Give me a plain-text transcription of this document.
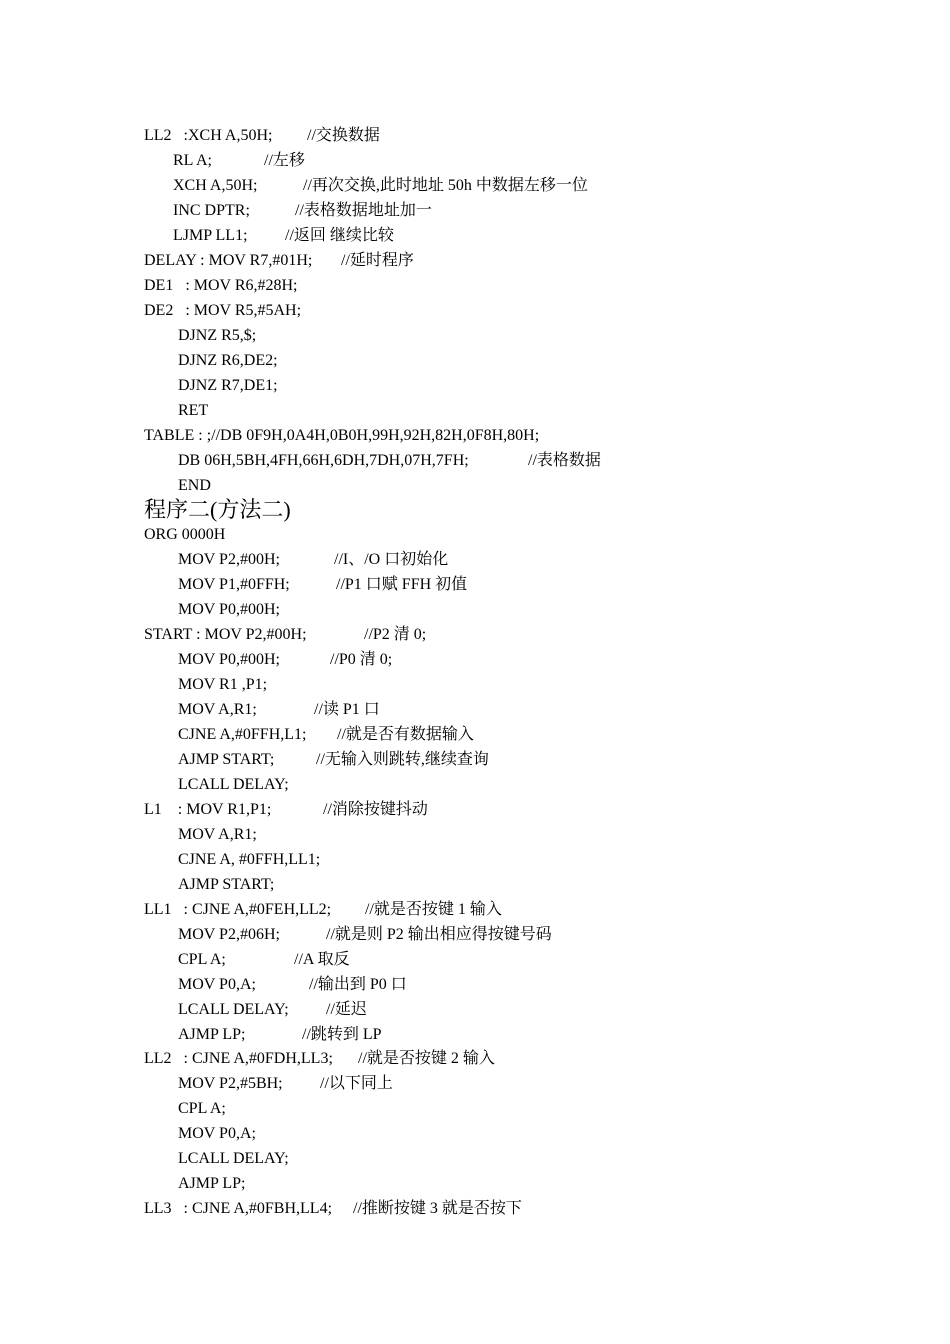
LL2   :XCH A,50H; //交换数据
RL A;	//左移
XCH A,50H;	//再次交换,此时地址 50h 中数据左移一位
INC DPTR;	//表格数据地址加一
LJMP LL1; //返回 继续比较
DELAY : MOV R7,#01H; //延时程序
DE1   : MOV R6,#28H;
DE2   : MOV R5,#5AH;
DJNZ R5,$;
DJNZ R6,DE2;
DJNZ R7,DE1;
RET
TABLE : ;//DB 0F9H,0A4H,0B0H,99H,92H,82H,0F8H,80H;
DB 06H,5BH,4FH,66H,6DH,7DH,07H,7FH;	//表格数据
END
程序二(方法二)
ORG 0000H
MOV P2,#00H;	//I、/O 口初始化
MOV P1,#0FFH;	//P1 口赋 FFH 初值
MOV P0,#00H;
START : MOV P2,#00H;	//P2 清 0;
MOV P0,#00H;	//P0 清 0;
MOV R1 ,P1;
MOV A,R1;	//读 P1 口
CJNE A,#0FFH,L1; //就是否有数据输入
AJMP START;	//无输入则跳转,继续查询
LCALL DELAY;
L1    : MOV R1,P1;	//消除按键抖动
MOV A,R1;
CJNE A, #0FFH,LL1;
AJMP START;
LL1   : CJNE A,#0FEH,LL2; //就是否按键 1 输入
MOV P2,#06H;	//就是则 P2 输出相应得按键号码
CPL A;	//A 取反
MOV P0,A;	//输出到 P0 口
LCALL DELAY; //延迟
AJMP LP;	//跳转到 LP
LL2   : CJNE A,#0FDH,LL3; //就是否按键 2 输入
MOV P2,#5BH; //以下同上
CPL A;
MOV P0,A;
LCALL DELAY;
AJMP LP;
LL3   : CJNE A,#0FBH,LL4; //推断按键 3 就是否按下
